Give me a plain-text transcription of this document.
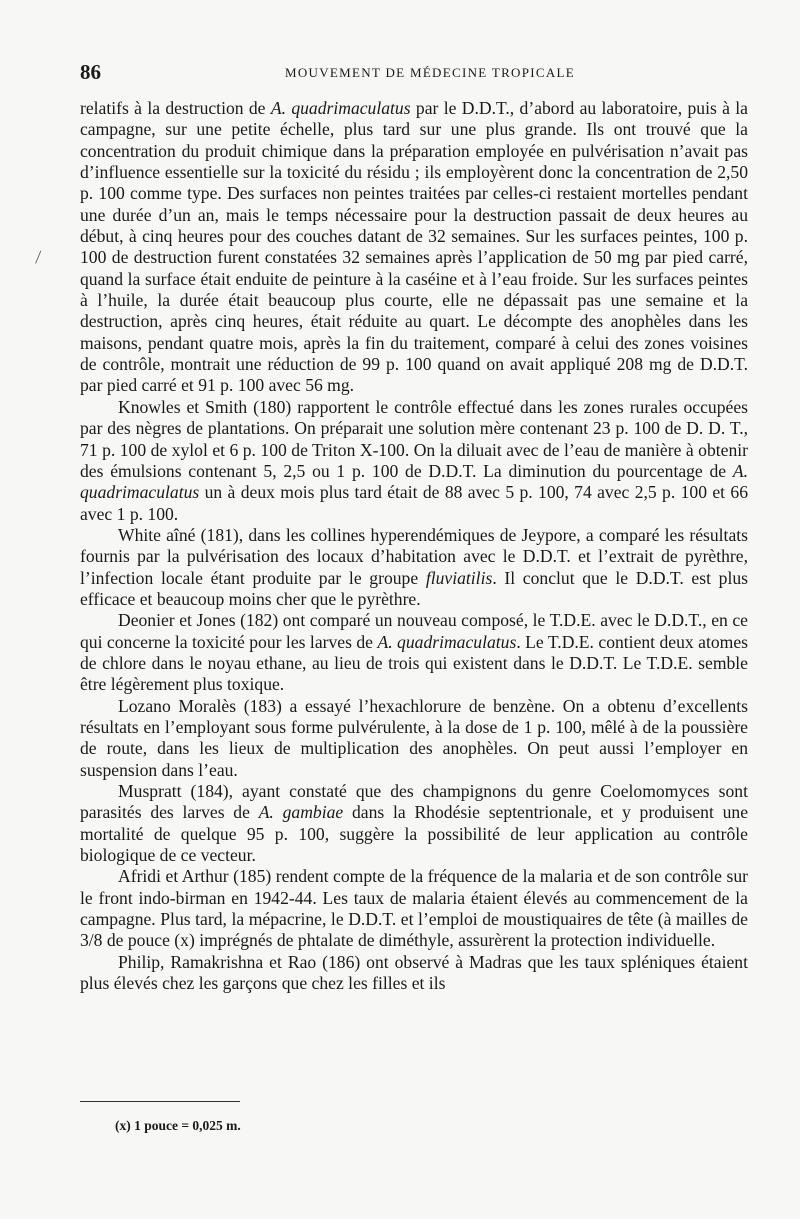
86	MOUVEMENT DE MÉDECINE TROPICALE
⟋

relatifs à la destruction de A. quadrimaculatus par le D.D.T., d’abord au laboratoire, puis à la campagne, sur une petite échelle, plus tard sur une plus grande. Ils ont trouvé que la concentration du produit chimique dans la préparation employée en pulvérisation n’avait pas d’influence essentielle sur la toxicité du résidu ; ils employèrent donc la concentration de 2,50 p. 100 comme type. Des surfaces non peintes traitées par celles-ci restaient mortelles pendant une durée d’un an, mais le temps nécessaire pour la destruction passait de deux heures au début, à cinq heures pour des couches datant de 32 semaines. Sur les surfaces peintes, 100 p. 100 de destruction furent constatées 32 semaines après l’application de 50 mg par pied carré, quand la surface était enduite de peinture à la caséine et à l’eau froide. Sur les surfaces peintes à l’huile, la durée était beaucoup plus courte, elle ne dépassait pas une semaine et la destruction, après cinq heures, était réduite au quart. Le décompte des anophèles dans les maisons, pendant quatre mois, après la fin du traitement, comparé à celui des zones voisines de contrôle, montrait une réduction de 99 p. 100 quand on avait appliqué 208 mg de D.D.T. par pied carré et 91 p. 100 avec 56 mg.

Knowles et Smith (180) rapportent le contrôle effectué dans les zones rurales occupées par des nègres de plantations. On préparait une solution mère contenant 23 p. 100 de D. D. T., 71 p. 100 de xylol et 6 p. 100 de Triton X-100. On la diluait avec de l’eau de manière à obtenir des émulsions contenant 5, 2,5 ou 1 p. 100 de D.D.T. La diminution du pourcentage de A. quadrimaculatus un à deux mois plus tard était de 88 avec 5 p. 100, 74 avec 2,5 p. 100 et 66 avec 1 p. 100.

White aîné (181), dans les collines hyperendémiques de Jeypore, a comparé les résultats fournis par la pulvérisation des locaux d’habitation avec le D.D.T. et l’extrait de pyrèthre, l’infection locale étant produite par le groupe fluviatilis. Il conclut que le D.D.T. est plus efficace et beaucoup moins cher que le pyrèthre.

Deonier et Jones (182) ont comparé un nouveau composé, le T.D.E. avec le D.D.T., en ce qui concerne la toxicité pour les larves de A. quadrimaculatus. Le T.D.E. contient deux atomes de chlore dans le noyau ethane, au lieu de trois qui existent dans le D.D.T. Le T.D.E. semble être légèrement plus toxique.

Lozano Moralès (183) a essayé l’hexachlorure de benzène. On a obtenu d’excellents résultats en l’employant sous forme pulvérulente, à la dose de 1 p. 100, mêlé à de la poussière de route, dans les lieux de multiplication des anophèles. On peut aussi l’employer en suspension dans l’eau.

Muspratt (184), ayant constaté que des champignons du genre Coelomomyces sont parasités des larves de A. gambiae dans la Rhodésie septentrionale, et y produisent une mortalité de quelque 95 p. 100, suggère la possibilité de leur application au contrôle biologique de ce vecteur.

Afridi et Arthur (185) rendent compte de la fréquence de la malaria et de son contrôle sur le front indo-birman en 1942-44. Les taux de malaria étaient élevés au commencement de la campagne. Plus tard, la mépacrine, le D.D.T. et l’emploi de moustiquaires de tête (à mailles de 3/8 de pouce (x) imprégnés de phtalate de diméthyle, assurèrent la protection individuelle.

Philip, Ramakrishna et Rao (186) ont observé à Madras que les taux spléniques étaient plus élevés chez les garçons que chez les filles et ils

(x) 1 pouce = 0,025 m.
